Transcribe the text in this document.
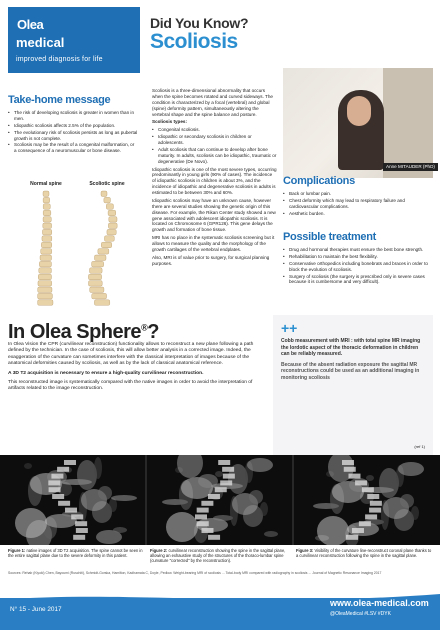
$^{Olea}$
medical
improved diagnosis for life
Did You Know?
Scoliosis
Take-home message
• The risk of developing scoliosis is greater in women than in men.
• Idiopathic scoliosis affects 2.5% of the population.
• The evolutionary risk of scoliosis persists as long as pubertal growth is not complete.
• Scoliosis may be the result of a congenital malformation, or a consequence of a neuromuscular or bone disease.
Normal spine	Scoliotic spine

Scoliosis is a three-dimensional abnormality that occurs when the spine becomes rotated and curved sideways. The condition is characterized by a focal (vertebral) and global (spine) deformity pattern, simultaneously altering the vertebral shape and the spine balance and posture.

Scoliosis types:

• Congenital scoliosis.
• Idiopathic or secondary scoliosis in children or adolescents.
• Adult scoliosis that can continue to develop after bone maturity. In adults, scoliosis can be idiopathic, traumatic or degenerative (De Novo).

Idiopathic scoliosis is one of the most severe types, occurring predominantly in young girls (90% of cases). The incidence of idiopathic scoliosis in children is about 3%, and the incidence of idiopathic and degenerative scoliosis in adults is estimated to be between 30% and 60%.

Idiopathic scoliosis may have an unknown cause, however there are several studies showing the genetic origin of this disease. For example, the Rikan Center study showed a new gene associated with adolescent idiopathic scoliosis. It is located on Chromosome 6 (GPR126). This gene delays the growth and formation of bone tissue.

MRI has no place in the systematic scoliosis screening but it allows to measure the quality and the morphology of the growth cartilages of the vertebral endplates.

Also, MRI is of value prior to surgery, for surgical planning purposes.

Anne MITAUDER (PhD)
Complications
• Back or lumbar pain.
• Chest deformity which may lead to respiratory failure and cardiovascular complications.
• Aesthetic burden.
Possible treatment
• Drug and hormonal therapies must ensure the best bone strength.
• Rehabilitation to maintain the best flexibility.
• Conservative orthopedics including bonebrats and braces in order to block the evolution of scoliosis.
• Surgery of scoliosis (the surgery is prescribed only in severe cases because it is cumbersome and very difficult).
In Olea Sphere®?

In Olea Vision the CPR (curvilinear reconstruction) functionality allows to reconstruct a new plane following a path defined by the technician. In the case of scoliosis, this will allow better analysis in a corrected image. Indeed, the exaggeration of the curvature can sometimes interfere with the classical interpretation of images because of the anatomical deformities caused by scoliosis, as well as by the lack of classical anatomical reference.

A 3D T2 acquisition is necessary to ensure a high-quality curvilinear reconstruction.

This reconstructed image is systematically compared with the native images in order to avoid the interpretation of artifacts related to the image reconstruction.

++
Cobb measurement with MRI : with total spine MR imaging the lordotic aspect of the thoracic deformation in children can be reliably measured.
Because of the absent radiation exposure the sagittal MR reconstructions could be used as an additional imaging in monitoring scoliosis
(ref 1)
Figure 1: native images of 3D T2 acquisition. The spine cannot be seen in the entire sagittal plane due to the severe deformity in this patient.
Figure 2: curvilinear reconstruction showing the spine in the sagittal plane, allowing an exhaustive study of the structures of the thoraco-lumbar spine (curvature "corrected" by the reconstruction).
Figure 3: Visibility of the curvature line-reconstruct coronal plane thanks to a curvilinear reconstruction following the spine in the sagittal plane.
Sources: Rehab (Kiyoki) Chen, Bayoumi (Ruschiti), Schmidt-Gorska, Hamilton, Kadhamata C, Doyle, Pedlow. Weight-bearing MRI of scoliosis ... Total-body MRI compared with radiography in scoliosis ... Journal of Magnetic Resonance Imaging 2017
N° 15 - June 2017
www.olea-medical.com
@OleaMedical #LSV #DYK
